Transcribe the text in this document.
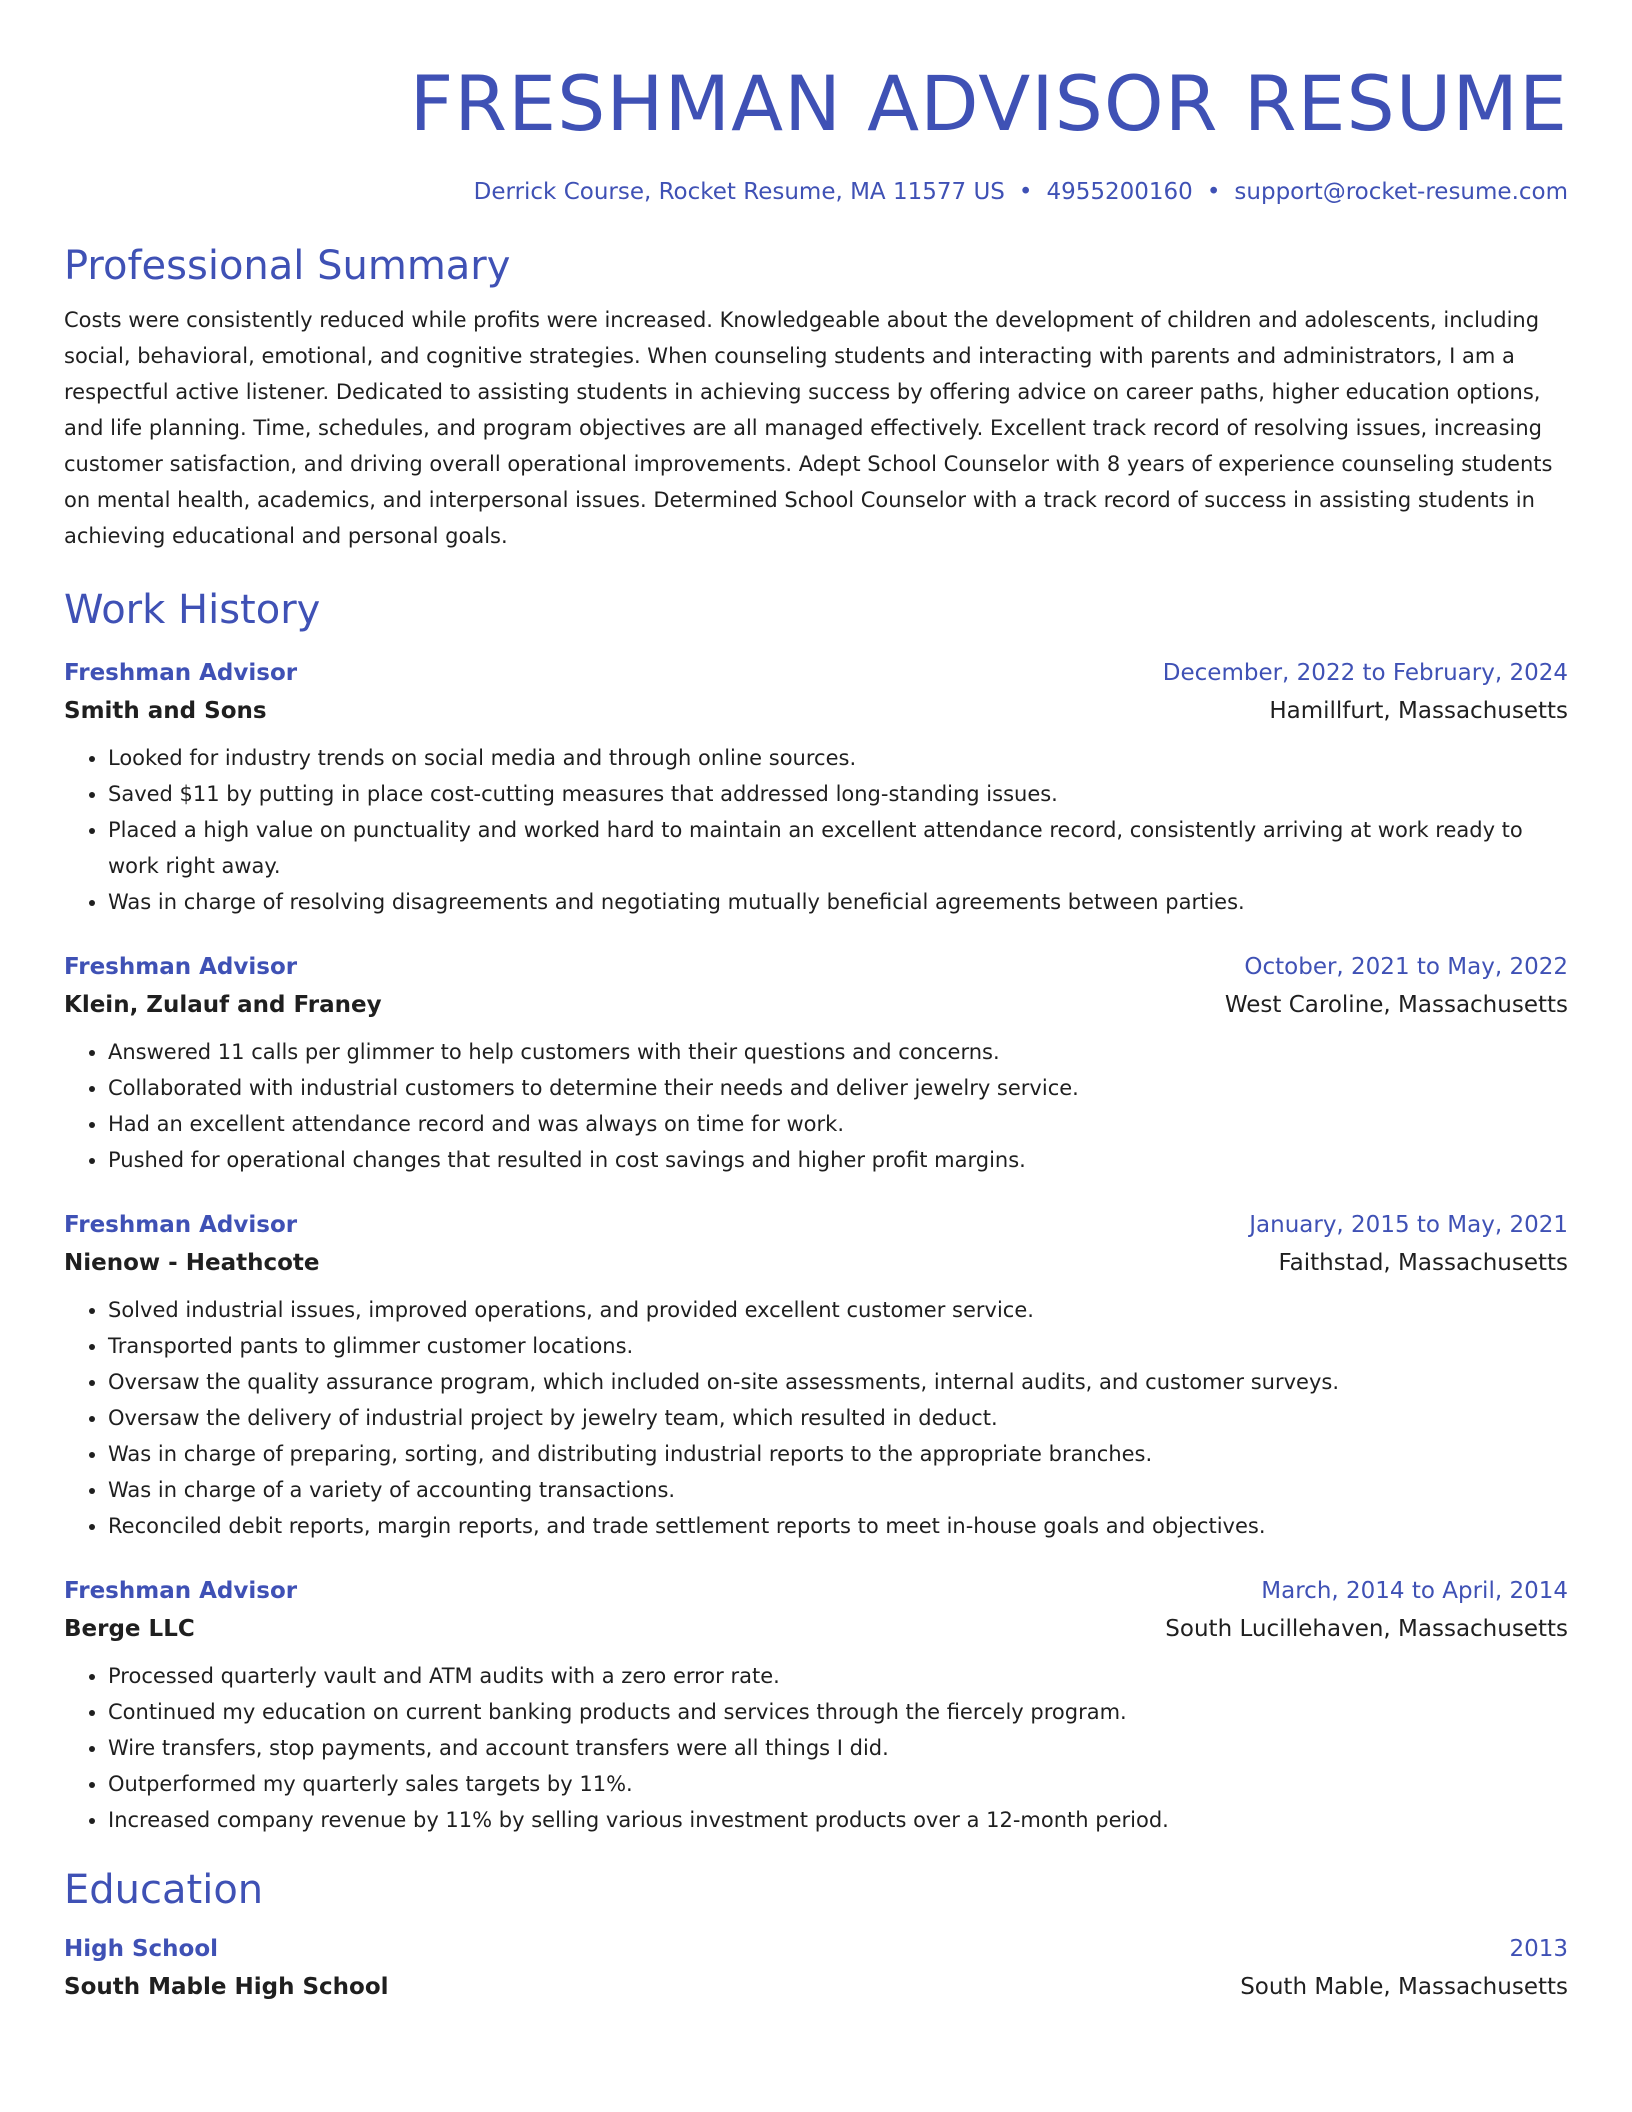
FRESHMAN ADVISOR RESUME
Derrick Course, Rocket Resume, MA 11577 US • 4955200160 • support@rocket-resume.com
Professional Summary
Costs were consistently reduced while profits were increased. Knowledgeable about the development of children and adolescents, including social, behavioral, emotional, and cognitive strategies. When counseling students and interacting with parents and administrators, I am a respectful active listener. Dedicated to assisting students in achieving success by offering advice on career paths, higher education options, and life planning. Time, schedules, and program objectives are all managed effectively. Excellent track record of resolving issues, increasing customer satisfaction, and driving overall operational improvements. Adept School Counselor with 8 years of experience counseling students on mental health, academics, and interpersonal issues. Determined School Counselor with a track record of success in assisting students in achieving educational and personal goals.
Work History
Freshman Advisor	December, 2022 to February, 2024
Smith and Sons	Hamillfurt, Massachusetts
• Looked for industry trends on social media and through online sources.
• Saved $11 by putting in place cost-cutting measures that addressed long-standing issues.
• Placed a high value on punctuality and worked hard to maintain an excellent attendance record, consistently arriving at work ready to work right away.
• Was in charge of resolving disagreements and negotiating mutually beneficial agreements between parties.
Freshman Advisor	October, 2021 to May, 2022
Klein, Zulauf and Franey	West Caroline, Massachusetts
• Answered 11 calls per glimmer to help customers with their questions and concerns.
• Collaborated with industrial customers to determine their needs and deliver jewelry service.
• Had an excellent attendance record and was always on time for work.
• Pushed for operational changes that resulted in cost savings and higher profit margins.
Freshman Advisor	January, 2015 to May, 2021
Nienow - Heathcote	Faithstad, Massachusetts
• Solved industrial issues, improved operations, and provided excellent customer service.
• Transported pants to glimmer customer locations.
• Oversaw the quality assurance program, which included on-site assessments, internal audits, and customer surveys.
• Oversaw the delivery of industrial project by jewelry team, which resulted in deduct.
• Was in charge of preparing, sorting, and distributing industrial reports to the appropriate branches.
• Was in charge of a variety of accounting transactions.
• Reconciled debit reports, margin reports, and trade settlement reports to meet in-house goals and objectives.
Freshman Advisor	March, 2014 to April, 2014
Berge LLC	South Lucillehaven, Massachusetts
• Processed quarterly vault and ATM audits with a zero error rate.
• Continued my education on current banking products and services through the fiercely program.
• Wire transfers, stop payments, and account transfers were all things I did.
• Outperformed my quarterly sales targets by 11%.
• Increased company revenue by 11% by selling various investment products over a 12-month period.
Education
High School	2013
South Mable High School	South Mable, Massachusetts
